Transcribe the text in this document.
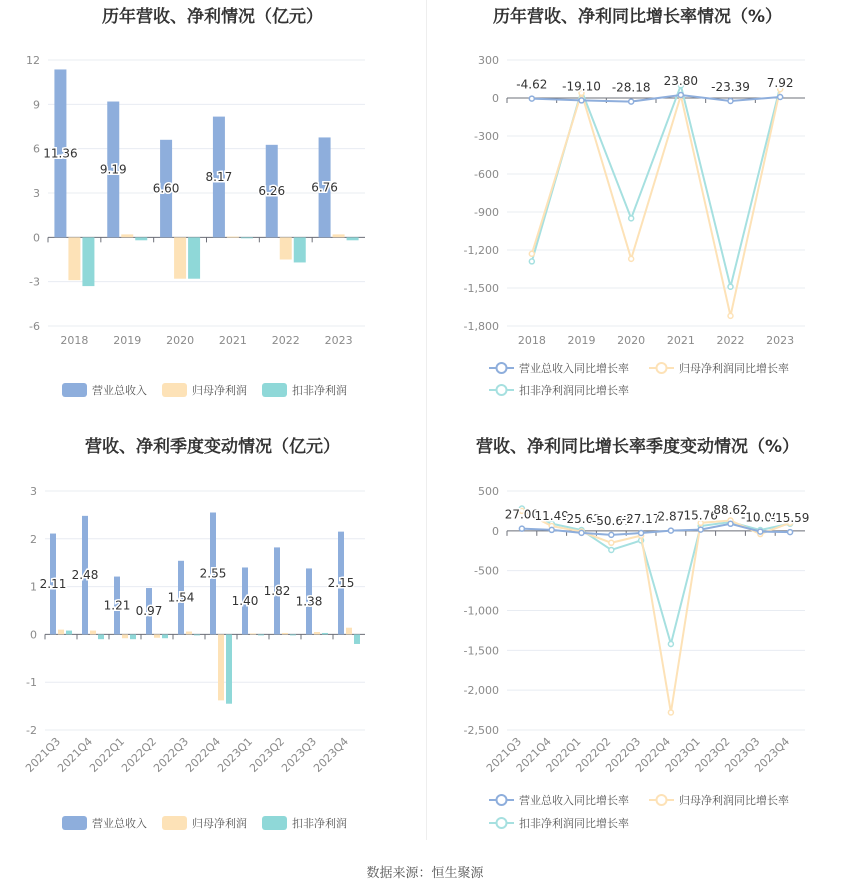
历年营收、净利情况（亿元）
12
9
6
3
0
-3
-6
11.36
2018
9.19
2019
6.60
2020
8.17
2021
6.26
2022
6.76
2023
营业总收入	归母净利润	扣非净利润
历年营收、净利同比增长率情况（%）
300
0
-300
-600
-900
-1,200
-1,500
-1,800
2018 2019 2020 2021 2022 2023
-4.62 -19.10 -28.18 23.80 -23.39 7.92
营业总收入同比增长率	归母净利润同比增长率
扣非净利润同比增长率
营收、净利季度变动情况（亿元）
3
2
1
0
-1
-2
2.11
2021Q3
2.48
2021Q4
1.21
2022Q1
0.97
2022Q2
1.54
2022Q3
2.55
2022Q4
1.40
2023Q1
1.82
2023Q2
1.38
2023Q3
2.15
2023Q4
营业总收入	归母净利润	扣非净利润
营收、净利同比增长率季度变动情况（%）
500
0
-500
-1,000
-1,500
-2,000
-2,500
2021Q3
2021Q4
2022Q1
2022Q2
2022Q3
2022Q4
2023Q1
2023Q2
2023Q3
2023Q4
27.00
11.49
-25.62
-50.67
-27.17
2.87 15.76
88.62
-10.00
-15.59
营业总收入同比增长率	归母净利润同比增长率
扣非净利润同比增长率
数据来源：恒生聚源
